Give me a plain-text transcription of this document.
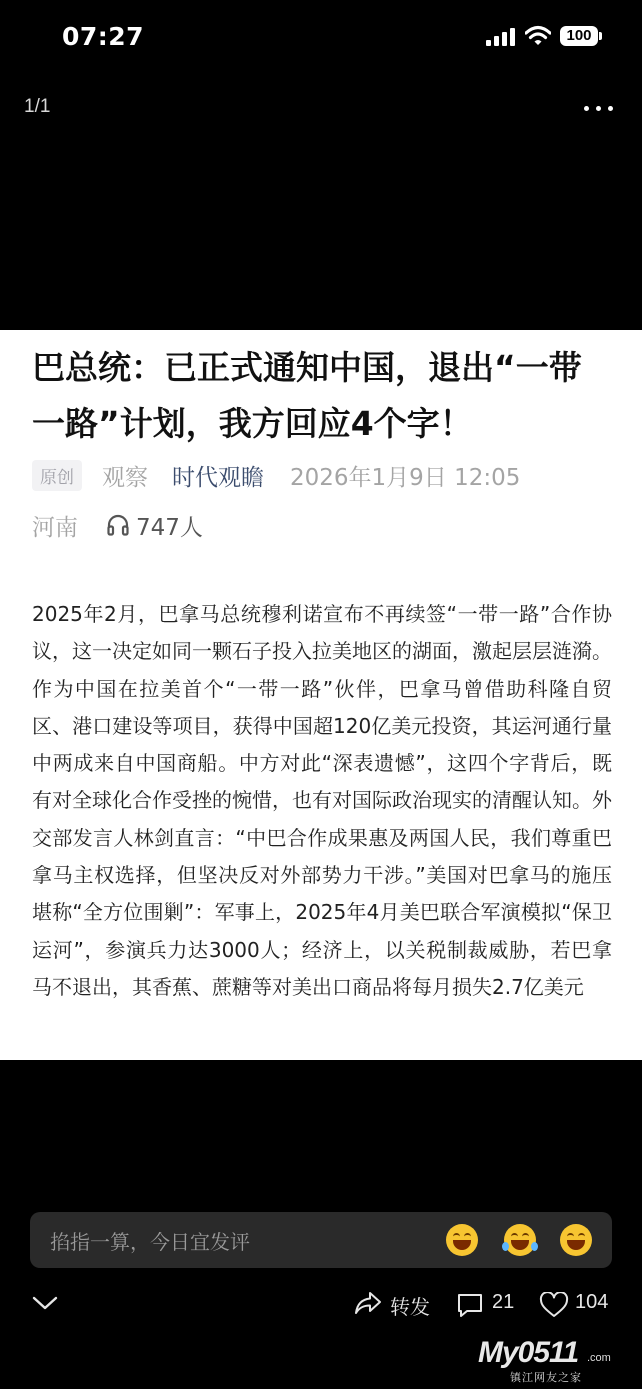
07:27	100
1/1
巴总统：已正式通知中国，退出“一带一路”计划，我方回应4个字！
原创	观察 时代观瞻 2026年1月9日 12:05
河南	747人

2025年2月，巴拿马总统穆利诺宣布不再续签“一带一路”合作协议，这一决定如同一颗石子投入拉美地区的湖面，激起层层涟漪。 作为中国在拉美首个“一带一路”伙伴，巴拿马曾借助科隆自贸区、港口建设等项目，获得中国超120亿美元投资，其运河通行量中两成来自中国商船。中方对此“深表遗憾”，这四个字背后，既有对全球化合作受挫的惋惜，也有对国际政治现实的清醒认知。外交部发言人林剑直言：“中巴合作成果惠及两国人民，我们尊重巴拿马主权选择，但坚决反对外部势力干涉。”美国对巴拿马的施压堪称“全方位围剿”：军事上，2025年4月美巴联合军演模拟“保卫运河”，参演兵力达3000人；经济上，以关税制裁威胁，若巴拿马不退出，其香蕉、蔗糖等对美出口商品将每月损失2.7亿美元

掐指一算，今日宜发评
转发	21	104
My0511 .com
镇江网友之家
